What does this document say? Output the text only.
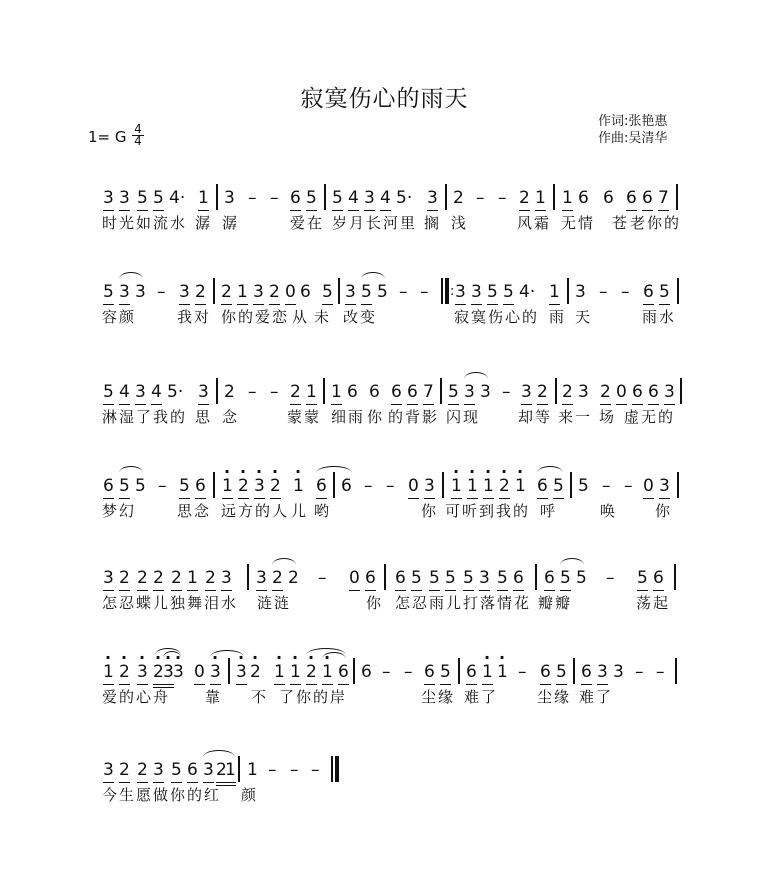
寂寞伤心的雨天
1= G 4
4
作词:张艳惠
作曲:吴清华
3 3 5 5 4· 1 3 – – 6 5 5 4 3 4 5· 3 2 – – 2 1 1 6 6 6 6 7
时光如流水 潺 潺	爱在 岁月长河里 搁 浅	风霜 无情 苍 老你的
5 3 3 – 3 2 2 1 3 2 0 6 5 3 5 5 – – : 3 3 5 5 4· 1 3 – – 6 5
容颜	我对 你的爱恋 从 未 改变	寂寞伤心的 雨 天	雨水
5 4 3 4 5· 3 2 – – 2 1 1 6 6 6 6 7 5 3 3 – 3 2 2 3 2 0 6 6 3
淋湿了我的 思 念	蒙蒙 细雨 你 的背影 闪现	却等 来一 场 虚无的
6 5 5 – 5 6 · 1 · 2 · 3 · 2 · 1 6 6 – – 0 3 · 1 · 1 · 1 · 2 · 1 6 5 5 – – 0 3
梦幻	思念 远方的人 儿 哟	你 可听到我的 呼	唤	你
3 2 2 2 2 1 2 3 3 2 2 – 0 6 6 5 5 5 5 3 5 6 6 5 5 – 5 6
怎忍蝶儿独舞泪水 涟涟	你 怎忍雨儿打落情花 瓣瓣	荡起
· 1 · 2 · 3 · 2 · 3 · 3 0 · 3 · 3 · 2 · 1 · 1 · 2 · 1 6 6 – – 6 5 6 · 1 · 1 – 6 5 6 3 3 – –
爱的心舟 靠 不 了你的岸	尘缘 难了	尘缘 难了
3 2 2 3 5 6 3 2
1 1 – – –
今生愿做你的红 颜
